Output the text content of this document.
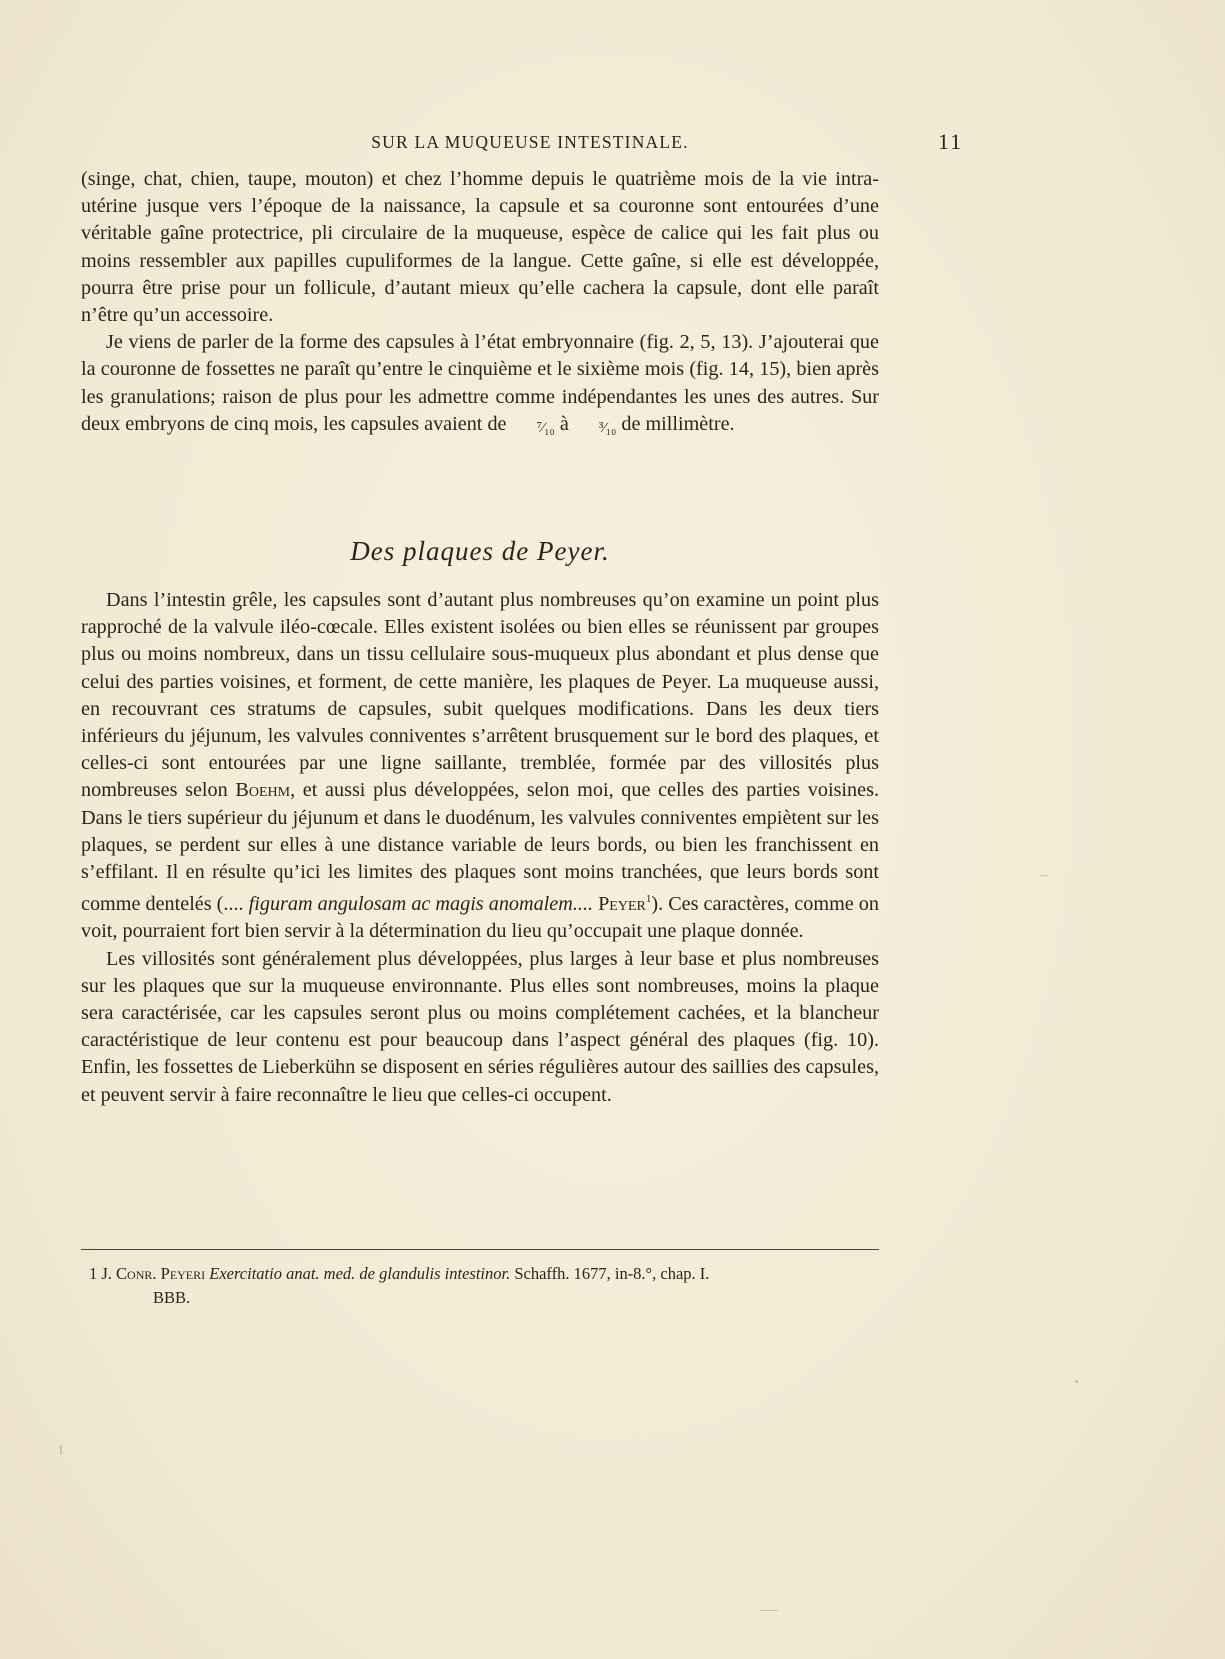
SUR LA MUQUEUSE INTESTINALE.	11

(singe, chat, chien, taupe, mouton) et chez l’homme depuis le quatrième mois de la vie intra-utérine jusque vers l’époque de la naissance, la capsule et sa couronne sont entourées d’une véritable gaîne protectrice, pli circulaire de la muqueuse, espèce de calice qui les fait plus ou moins ressembler aux papilles cupuliformes de la langue. Cette gaîne, si elle est développée, pourra être prise pour un follicule, d’autant mieux qu’elle cachera la capsule, dont elle paraît n’être qu’un accessoire.

Je viens de parler de la forme des capsules à l’état embryonnaire (fig. 2, 5, 13). J’ajouterai que la couronne de fossettes ne paraît qu’entre le cinquième et le sixième mois (fig. 14, 15), bien après les granulations; raison de plus pour les admettre comme indépendantes les unes des autres. Sur deux embryons de cinq mois, les capsules avaient de ⁷⁄₁₀ à ³⁄₁₀ de millimètre.

Des plaques de Peyer.

Dans l’intestin grêle, les capsules sont d’autant plus nombreuses qu’on examine un point plus rapproché de la valvule iléo-cœcale. Elles existent isolées ou bien elles se réunissent par groupes plus ou moins nombreux, dans un tissu cellulaire sous-muqueux plus abondant et plus dense que celui des parties voisines, et forment, de cette manière, les plaques de Peyer. La muqueuse aussi, en recouvrant ces stratums de capsules, subit quelques modifications. Dans les deux tiers inférieurs du jéjunum, les valvules conniventes s’arrêtent brusquement sur le bord des plaques, et celles-ci sont entourées par une ligne saillante, tremblée, formée par des villosités plus nombreuses selon Boehm, et aussi plus développées, selon moi, que celles des parties voisines. Dans le tiers supérieur du jéjunum et dans le duodénum, les valvules conniventes empiètent sur les plaques, se perdent sur elles à une distance variable de leurs bords, ou bien les franchissent en s’effilant. Il en résulte qu’ici les limites des plaques sont moins tranchées, que leurs bords sont comme dentelés (.... figuram angulosam ac magis anomalem.... Peyer$^1$). Ces caractères, comme on voit, pourraient fort bien servir à la détermination du lieu qu’occupait une plaque donnée.

Les villosités sont généralement plus développées, plus larges à leur base et plus nombreuses sur les plaques que sur la muqueuse environnante. Plus elles sont nombreuses, moins la plaque sera caractérisée, car les capsules seront plus ou moins complétement cachées, et la blancheur caractéristique de leur contenu est pour beaucoup dans l’aspect général des plaques (fig. 10). Enfin, les fossettes de Lieberkühn se disposent en séries régulières autour des saillies des capsules, et peuvent servir à faire reconnaître le lieu que celles-ci occupent.

1 J. Conr. Peyeri Exercitatio anat. med. de glandulis intestinor. Schaffh. 1677, in-8.°, chap. I.

BBB.
